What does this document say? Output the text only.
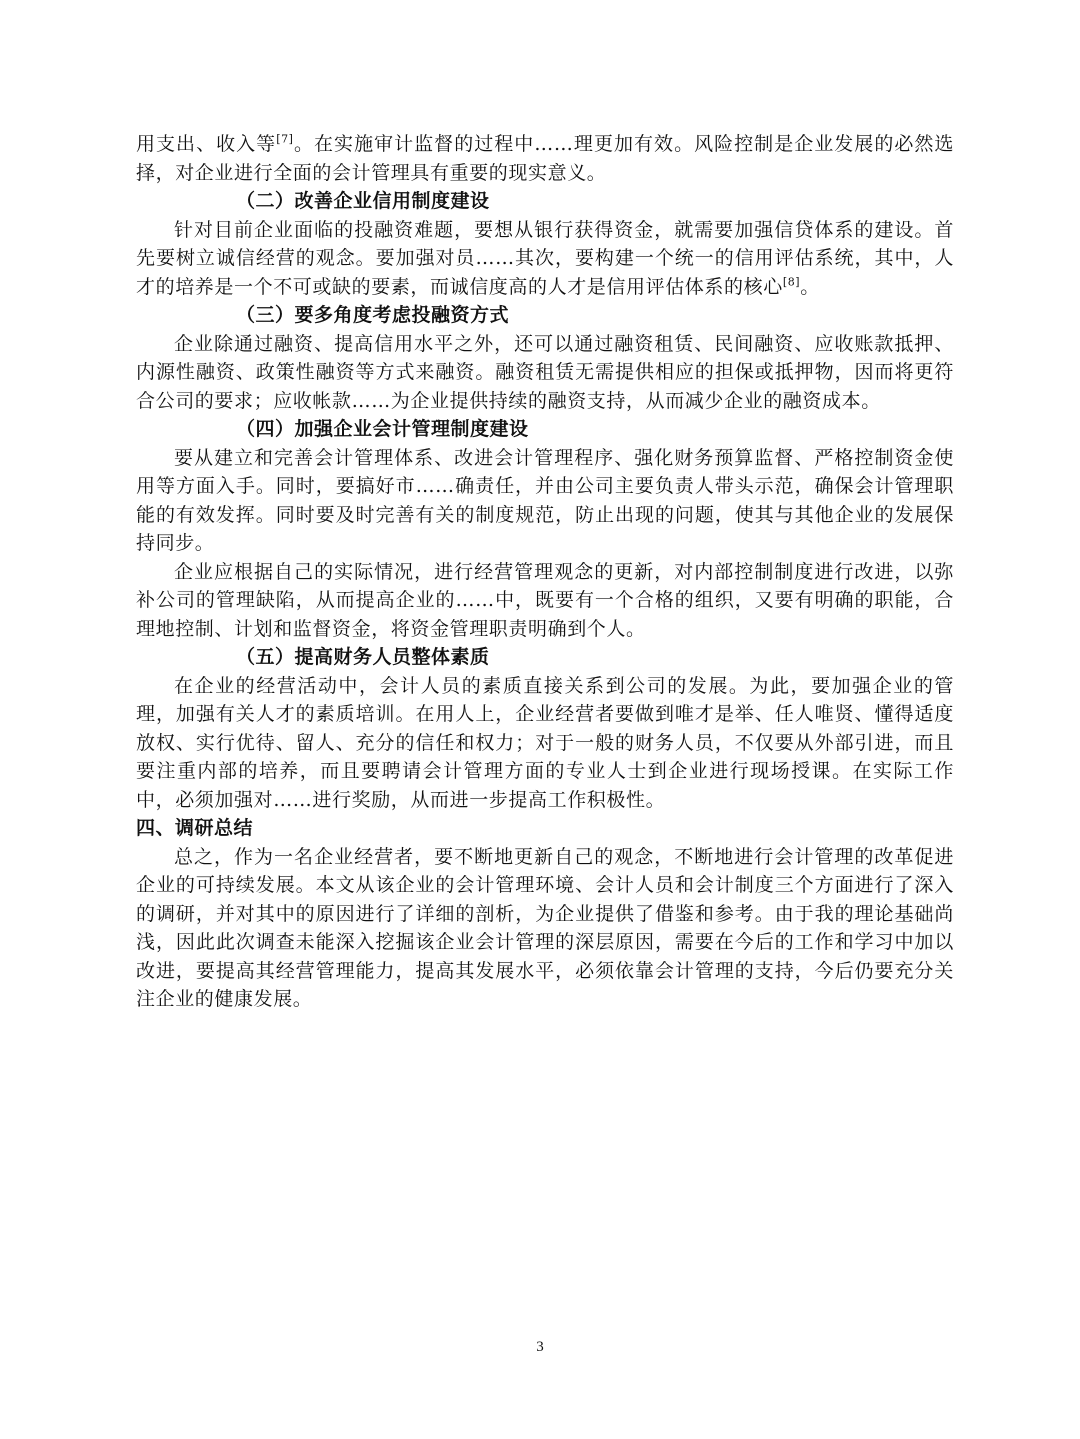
用支出、收入等[7]。在实施审计监督的过程中……理更加有效。风险控制是企业发展的必然选择，对企业进行全面的会计管理具有重要的现实意义。

（二）改善企业信用制度建设

针对目前企业面临的投融资难题，要想从银行获得资金，就需要加强信贷体系的建设。首先要树立诚信经营的观念。要加强对员……其次，要构建一个统一的信用评估系统，其中，人才的培养是一个不可或缺的要素，而诚信度高的人才是信用评估体系的核心[8]。

（三）要多角度考虑投融资方式

企业除通过融资、提高信用水平之外，还可以通过融资租赁、民间融资、应收账款抵押、内源性融资、政策性融资等方式来融资。融资租赁无需提供相应的担保或抵押物，因而将更符合公司的要求；应收帐款……为企业提供持续的融资支持，从而减少企业的融资成本。

（四）加强企业会计管理制度建设

要从建立和完善会计管理体系、改进会计管理程序、强化财务预算监督、严格控制资金使用等方面入手。同时，要搞好市……确责任，并由公司主要负责人带头示范，确保会计管理职能的有效发挥。同时要及时完善有关的制度规范，防止出现的问题，使其与其他企业的发展保持同步。

企业应根据自己的实际情况，进行经营管理观念的更新，对内部控制制度进行改进，以弥补公司的管理缺陷，从而提高企业的……中，既要有一个合格的组织，又要有明确的职能，合理地控制、计划和监督资金，将资金管理职责明确到个人。

（五）提高财务人员整体素质

在企业的经营活动中，会计人员的素质直接关系到公司的发展。为此，要加强企业的管理，加强有关人才的素质培训。在用人上，企业经营者要做到唯才是举、任人唯贤、懂得适度放权、实行优待、留人、充分的信任和权力；对于一般的财务人员，不仅要从外部引进，而且要注重内部的培养，而且要聘请会计管理方面的专业人士到企业进行现场授课。在实际工作中，必须加强对……进行奖励，从而进一步提高工作积极性。

四、调研总结

总之，作为一名企业经营者，要不断地更新自己的观念，不断地进行会计管理的改革促进企业的可持续发展。本文从该企业的会计管理环境、会计人员和会计制度三个方面进行了深入的调研，并对其中的原因进行了详细的剖析，为企业提供了借鉴和参考。由于我的理论基础尚浅，因此此次调查未能深入挖掘该企业会计管理的深层原因，需要在今后的工作和学习中加以改进，要提高其经营管理能力，提高其发展水平，必须依靠会计管理的支持，今后仍要充分关注企业的健康发展。

3
